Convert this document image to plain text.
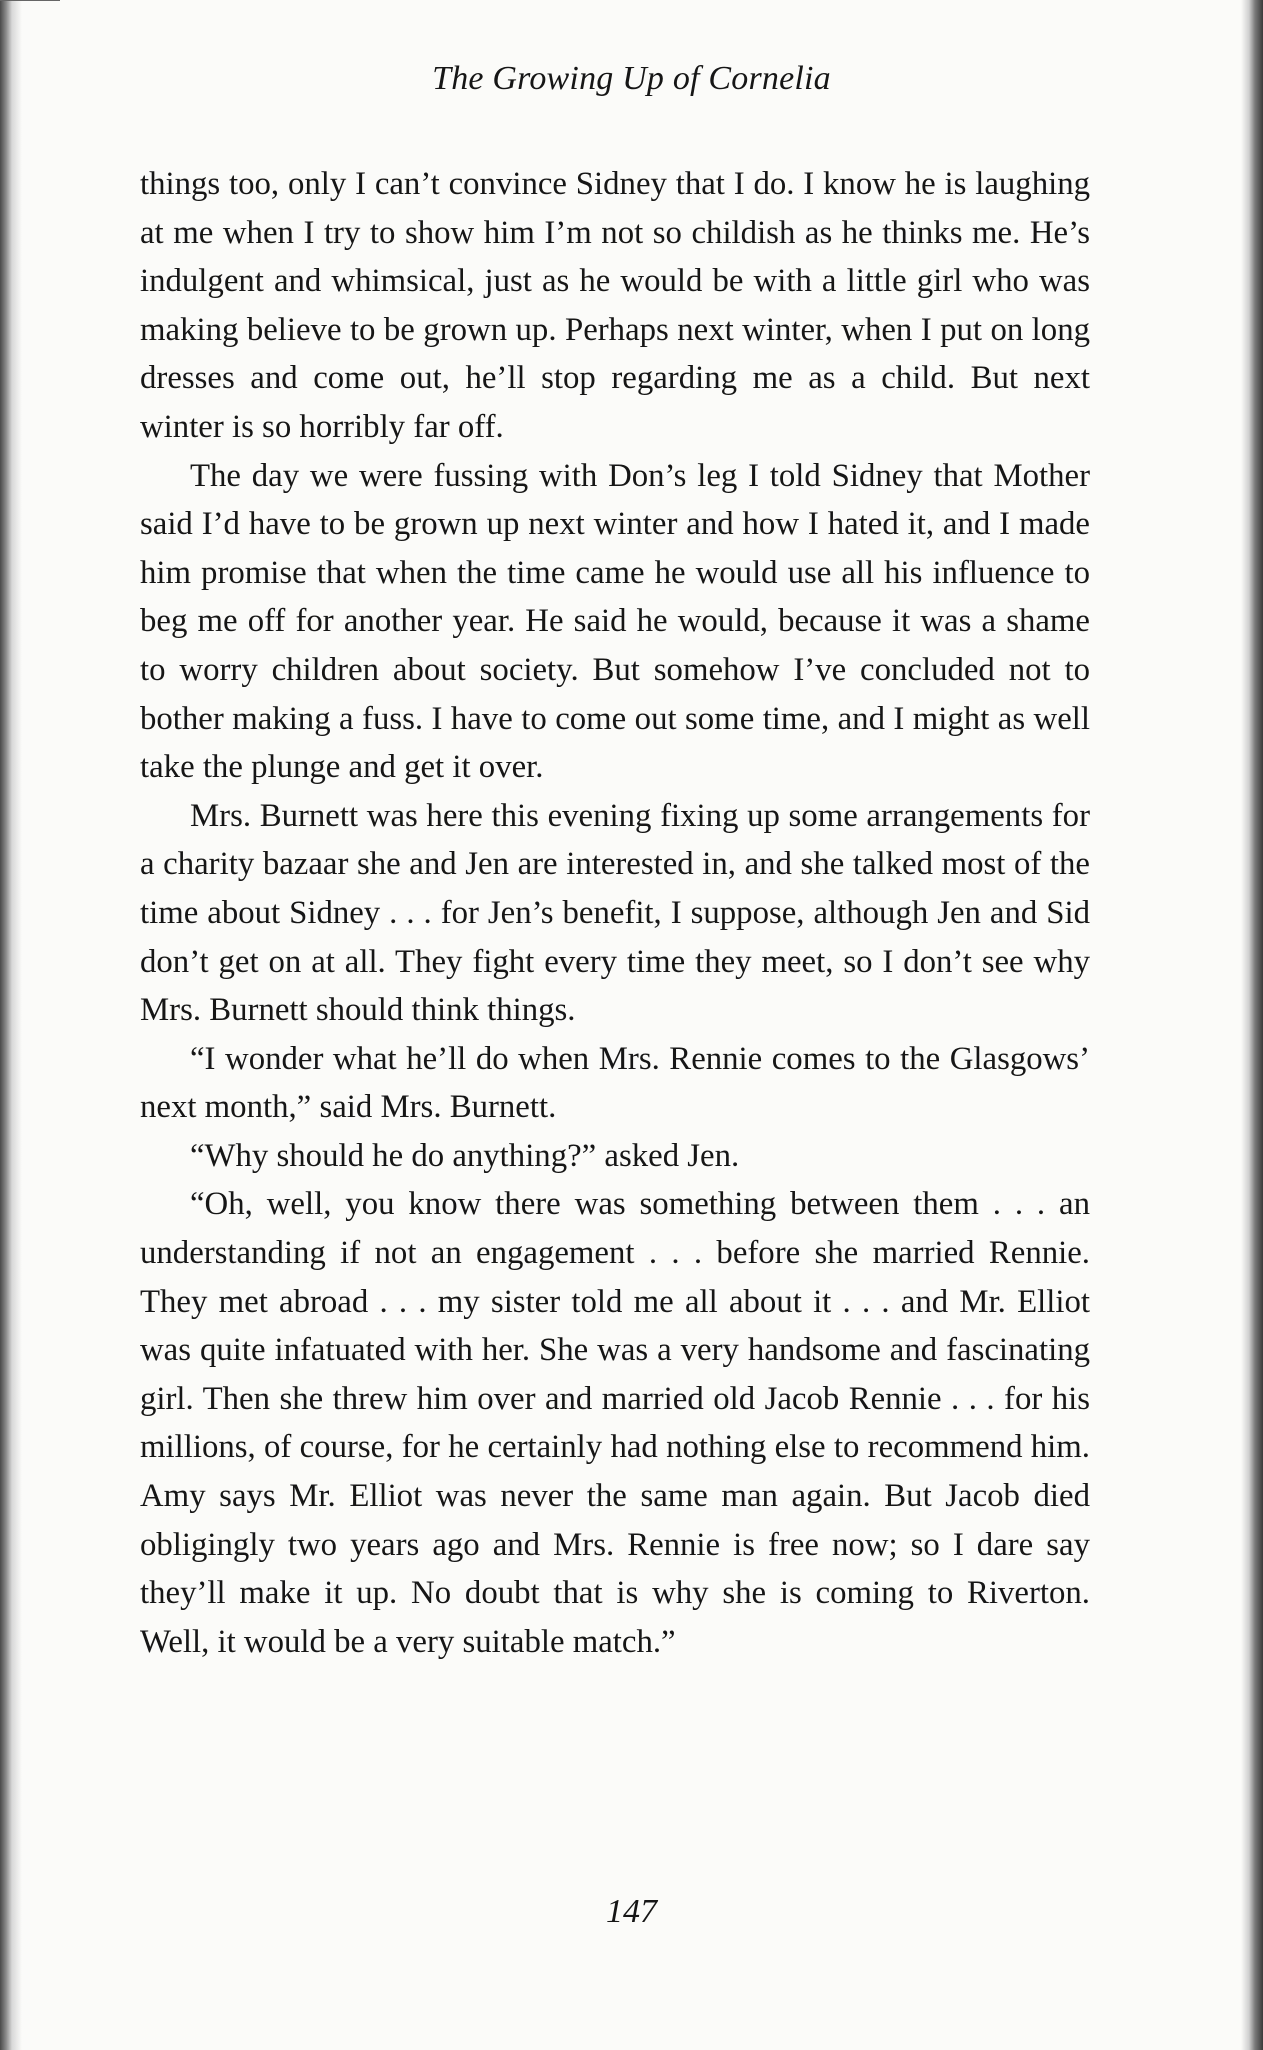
The Growing Up of Cornelia

things too, only I can’t convince Sidney that I do. I know he is laughing at me when I try to show him I’m not so childish as he thinks me. He’s indulgent and whimsical, just as he would be with a little girl who was making believe to be grown up. Perhaps next winter, when I put on long dresses and come out, he’ll stop regarding me as a child. But next winter is so horribly far off.

The day we were fussing with Don’s leg I told Sidney that Mother said I’d have to be grown up next winter and how I hated it, and I made him promise that when the time came he would use all his influence to beg me off for another year. He said he would, because it was a shame to worry children about society. But somehow I’ve concluded not to bother making a fuss. I have to come out some time, and I might as well take the plunge and get it over.

Mrs. Burnett was here this evening fixing up some arrangements for a charity bazaar she and Jen are interested in, and she talked most of the time about Sidney . . . for Jen’s benefit, I suppose, although Jen and Sid don’t get on at all. They fight every time they meet, so I don’t see why Mrs. Burnett should think things.

“I wonder what he’ll do when Mrs. Rennie comes to the Glasgows’ next month,” said Mrs. Burnett.

“Why should he do anything?” asked Jen.

“Oh, well, you know there was something between them . . . an understanding if not an engagement . . . before she married Rennie. They met abroad . . . my sister told me all about it . . . and Mr. Elliot was quite infatuated with her. She was a very handsome and fascinating girl. Then she threw him over and married old Jacob Rennie . . . for his millions, of course, for he certainly had nothing else to recommend him. Amy says Mr. Elliot was never the same man again. But Jacob died obligingly two years ago and Mrs. Rennie is free now; so I dare say they’ll make it up. No doubt that is why she is coming to Riverton. Well, it would be a very suitable match.”

147
